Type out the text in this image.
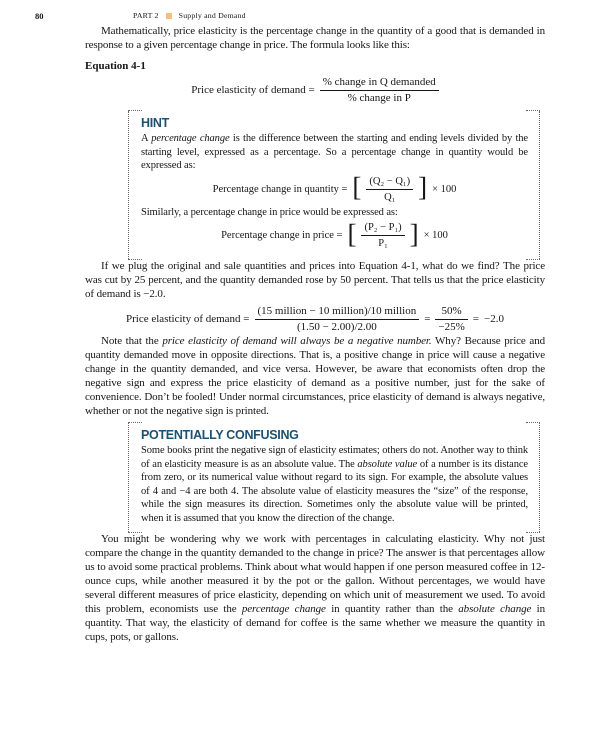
80	PART 2	Supply and Demand

Mathematically, price elasticity is the percentage change in the quantity of a good that is demanded in response to a given percentage change in price. The formula looks like this:

Equation 4-1
Price elasticity of demand = $\frac{\text{\% change in Q demanded}}{\text{\% change in P}}$
HINT

A percentage change is the difference between the starting and ending levels divided by the starting level, expressed as a percentage. So a percentage change in quantity would be expressed as:

Percentage change in quantity = [ $\frac{\text{(Q₂ − Q₁)}}{\text{Q₁}}$ ] × 100

Similarly, a percentage change in price would be expressed as:

Percentage change in price = [ $\frac{\text{(P₂ − P₁)}}{\text{P₁}}$ ] × 100

If we plug the original and sale quantities and prices into Equation 4-1, what do we find? The price was cut by 25 percent, and the quantity demanded rose by 50 percent. That tells us that the price elasticity of demand is −2.0.

Price elasticity of demand = $\frac{\text{(15 million − 10 million)/10 million}}{(1.50 - 2.00)/2.00} = \frac{50\%}{-25\%} = -2.0$

Note that the price elasticity of demand will always be a negative number. Why? Because price and quantity demanded move in opposite directions. That is, a positive change in price will cause a negative change in the quantity demanded, and vice versa. However, be aware that economists often drop the negative sign and express the price elasticity of demand as a positive number, just for the sake of convenience. Don’t be fooled! Under normal circumstances, price elasticity of demand is always negative, whether or not the negative sign is printed.

POTENTIALLY CONFUSING

Some books print the negative sign of elasticity estimates; others do not. Another way to think of an elasticity measure is as an absolute value. The absolute value of a number is its distance from zero, or its numerical value without regard to its sign. For example, the absolute values of 4 and −4 are both 4. The absolute value of elasticity measures the “size” of the response, while the sign measures its direction. Sometimes only the absolute value will be printed, when it is assumed that you know the direction of the change.

You might be wondering why we work with percentages in calculating elasticity. Why not just compare the change in the quantity demanded to the change in price? The answer is that percentages allow us to avoid some practical problems. Think about what would happen if one person measured coffee in 12-ounce cups, while another measured it by the pot or the gallon. Without percentages, we would have several different measures of price elasticity, depending on which unit of measurement we used. To avoid this problem, economists use the percentage change in quantity rather than the absolute change in quantity. That way, the elasticity of demand for coffee is the same whether we measure the quantity in cups, pots, or gallons.
